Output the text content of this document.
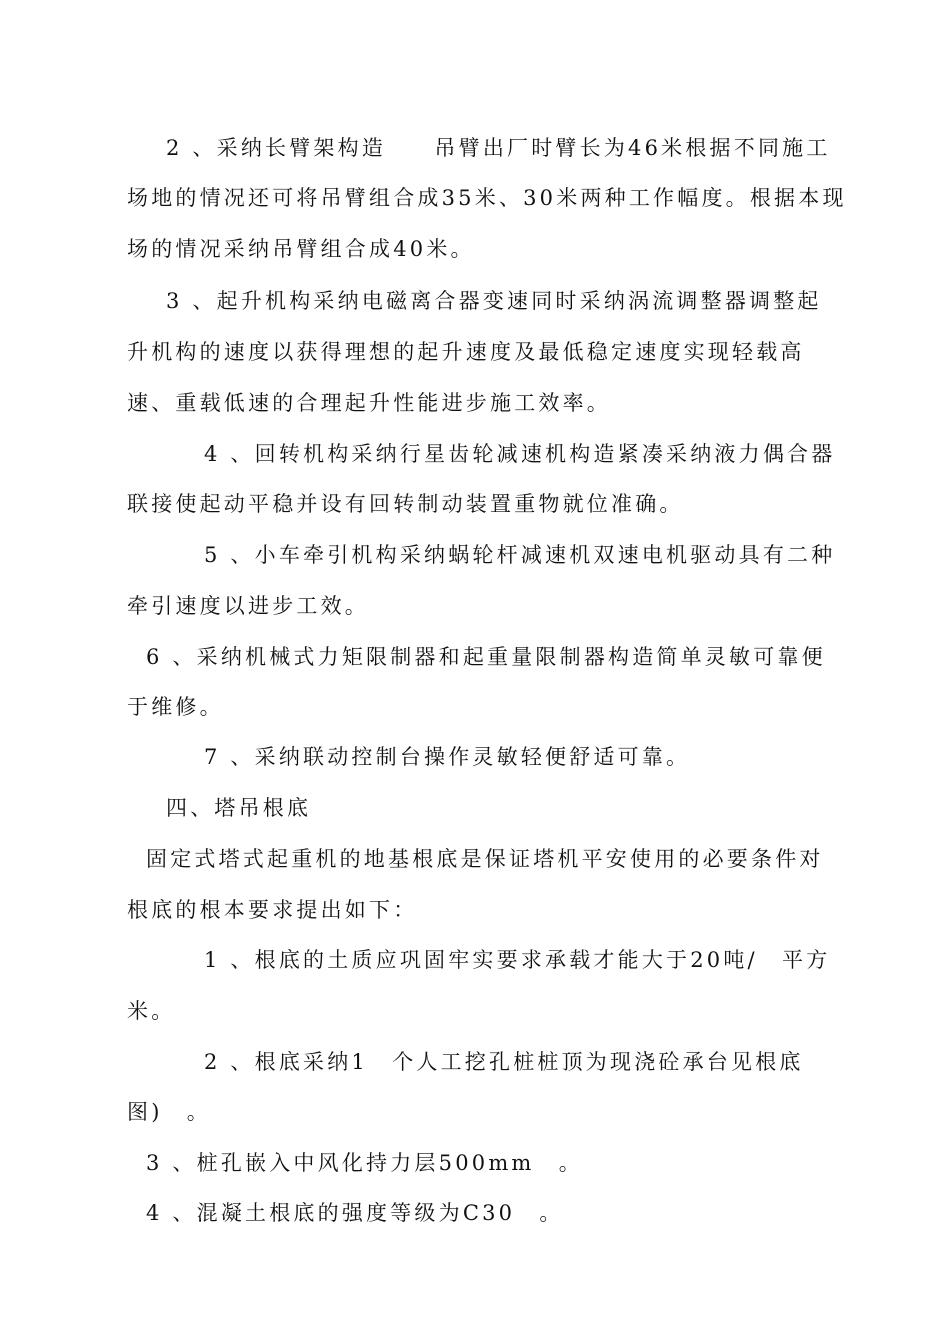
2 、采纳长臂架构造　　吊臂出厂时臂长为46米根据不同施工
场地的情况还可将吊臂组合成35米、30米两种工作幅度。根据本现
场的情况采纳吊臂组合成40米。
3 、起升机构采纳电磁离合器变速同时采纳涡流调整器调整起
升机构的速度以获得理想的起升速度及最低稳定速度实现轻载高
速、重载低速的合理起升性能进步施工效率。
4 、回转机构采纳行星齿轮减速机构造紧凑采纳液力偶合器
联接使起动平稳并设有回转制动装置重物就位准确。
5 、小车牵引机构采纳蜗轮杆减速机双速电机驱动具有二种
牵引速度以进步工效。
6 、采纳机械式力矩限制器和起重量限制器构造简单灵敏可靠便
于维修。
7 、采纳联动控制台操作灵敏轻便舒适可靠。
四、塔吊根底
固定式塔式起重机的地基根底是保证塔机平安使用的必要条件对
根底的根本要求提出如下：
1 、根底的土质应巩固牢实要求承载才能大于20吨/　平方
米。
2 、根底采纳1　个人工挖孔桩桩顶为现浇砼承台见根底
图)　。
3 、桩孔嵌入中风化持力层500mm　。
4 、混凝土根底的强度等级为C30　。
